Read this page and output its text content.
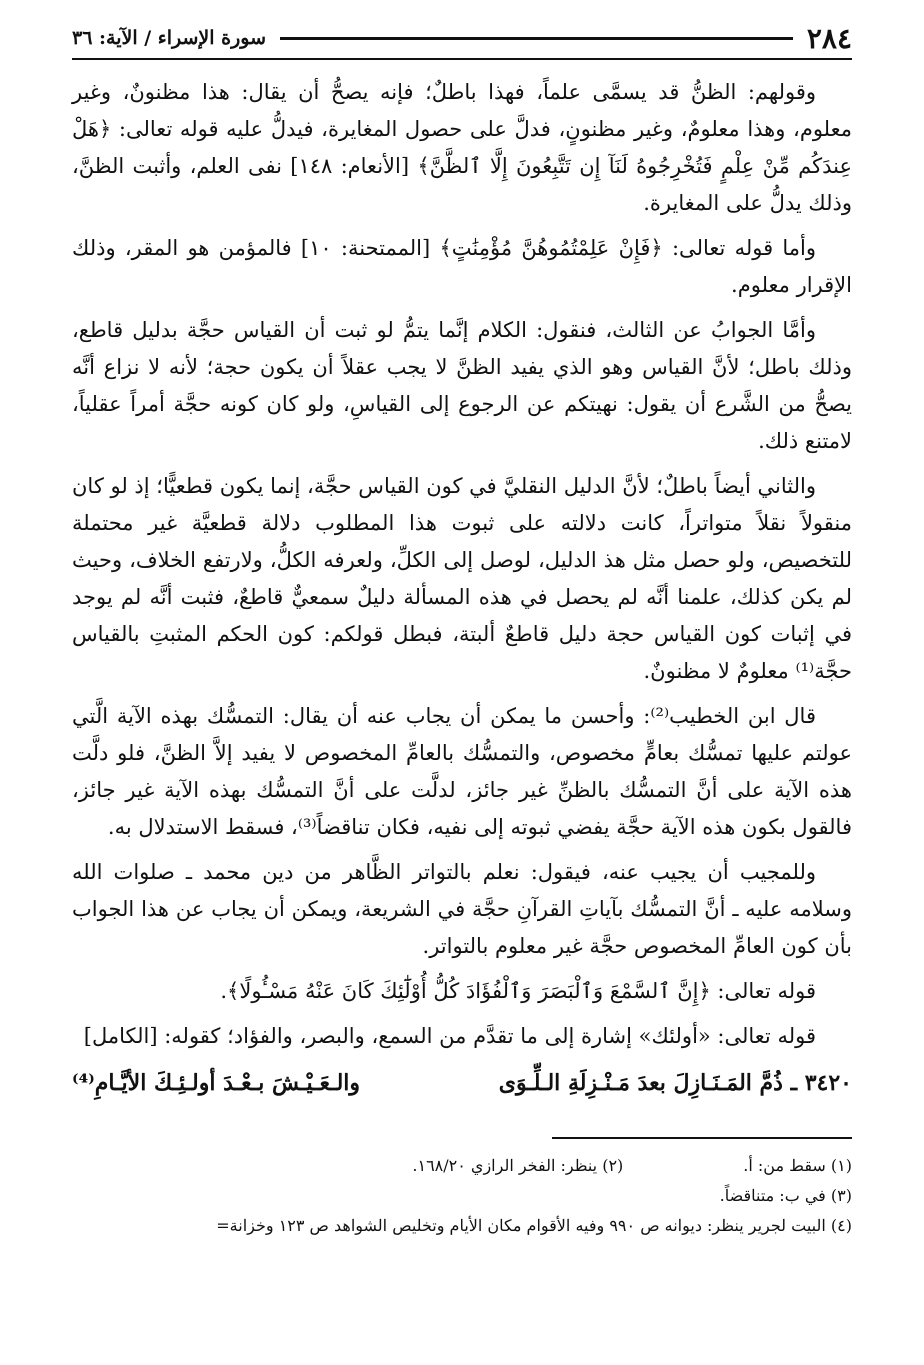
٢٨٤
سورة الإسراء / الآية: ٣٦

وقولهم: الظنُّ قد يسمَّى علماً، فهذا باطلٌ؛ فإنه يصحُّ أن يقال: هذا مظنونٌ، وغير معلوم، وهذا معلومٌ، وغير مظنونٍ، فدلَّ على حصول المغايرة، فيدلُّ عليه قوله تعالى: ﴿هَلْ عِندَكُم مِّنْ عِلْمٍ فَتُخْرِجُوهُ لَنَآ إِن تَتَّبِعُونَ إِلَّا ٱلظَّنَّ﴾ [الأنعام: ١٤٨] نفى العلم، وأثبت الظنَّ، وذلك يدلُّ على المغايرة.

وأما قوله تعالى: ﴿فَإِنْ عَلِمْتُمُوهُنَّ مُؤْمِنَٰتٍ﴾ [الممتحنة: ١٠] فالمؤمن هو المقر، وذلك الإقرار معلوم.

وأمَّا الجوابُ عن الثالث، فنقول: الكلام إنَّما يتمُّ لو ثبت أن القياس حجَّة بدليل قاطع، وذلك باطل؛ لأنَّ القياس وهو الذي يفيد الظنَّ لا يجب عقلاً أن يكون حجة؛ لأنه لا نزاع أنَّه يصحُّ من الشَّرع أن يقول: نهيتكم عن الرجوع إلى القياسِ، ولو كان كونه حجَّة أمراً عقلياً، لامتنع ذلك.

والثاني أيضاً باطلٌ؛ لأنَّ الدليل النقليَّ في كون القياس حجَّة، إنما يكون قطعيًّا؛ إذ لو كان منقولاً نقلاً متواتراً، كانت دلالته على ثبوت هذا المطلوب دلالة قطعيَّة غير محتملة للتخصيص، ولو حصل مثل هذ الدليل، لوصل إلى الكلِّ، ولعرفه الكلُّ، ولارتفع الخلاف، وحيث لم يكن كذلك، علمنا أنَّه لم يحصل في هذه المسألة دليلٌ سمعيٌّ قاطعٌ، فثبت أنَّه لم يوجد في إثبات كون القياس حجة دليل قاطعٌ ألبتة، فبطل قولكم: كون الحكم المثبتِ بالقياس حجَّة⁽¹⁾ معلومٌ لا مظنونٌ.

قال ابن الخطيب⁽²⁾: وأحسن ما يمكن أن يجاب عنه أن يقال: التمسُّك بهذه الآية الَّتي عولتم عليها تمسُّك بعامٍّ مخصوص، والتمسُّك بالعامِّ المخصوص لا يفيد إلاَّ الظنَّ، فلو دلَّت هذه الآية على أنَّ التمسُّك بالظنِّ غير جائز، لدلَّت على أنَّ التمسُّك بهذه الآية غير جائز، فالقول بكون هذه الآية حجَّة يفضي ثبوته إلى نفيه، فكان تناقضاً⁽³⁾، فسقط الاستدلال به.

وللمجيب أن يجيب عنه، فيقول: نعلم بالتواتر الظَّاهر من دين محمد ـ صلوات الله وسلامه عليه ـ أنَّ التمسُّك بآياتِ القرآنِ حجَّة في الشريعة، ويمكن أن يجاب عن هذا الجواب بأن كون العامِّ المخصوص حجَّة غير معلوم بالتواتر.

قوله تعالى: ﴿إِنَّ ٱلسَّمْعَ وَٱلْبَصَرَ وَٱلْفُؤَادَ كُلُّ أُوْلَٰٓئِكَ كَانَ عَنْهُ مَسْـُٔولًا﴾.

قوله تعالى: «أولئك» إشارة إلى ما تقدَّم من السمع، والبصر، والفؤاد؛ كقوله: [الكامل]

٣٤٢٠ ـ ذُمَّ المَـنَـازِلَ بعدَ مَـنْـزِلَةِ الـلِّـوَى
والـعَـيْـشَ بـعْـدَ أولـئِـكَ الأيَّـامِ⁽⁴⁾
(١) سقط من: أ.
(٢) ينظر: الفخر الرازي ١٦٨/٢٠.
(٣) في ب: متناقضاً.
(٤) البيت لجرير ينظر: ديوانه ص ٩٩٠ وفيه الأقوام مكان الأيام وتخليص الشواهد ص ١٢٣ وخزانة=
